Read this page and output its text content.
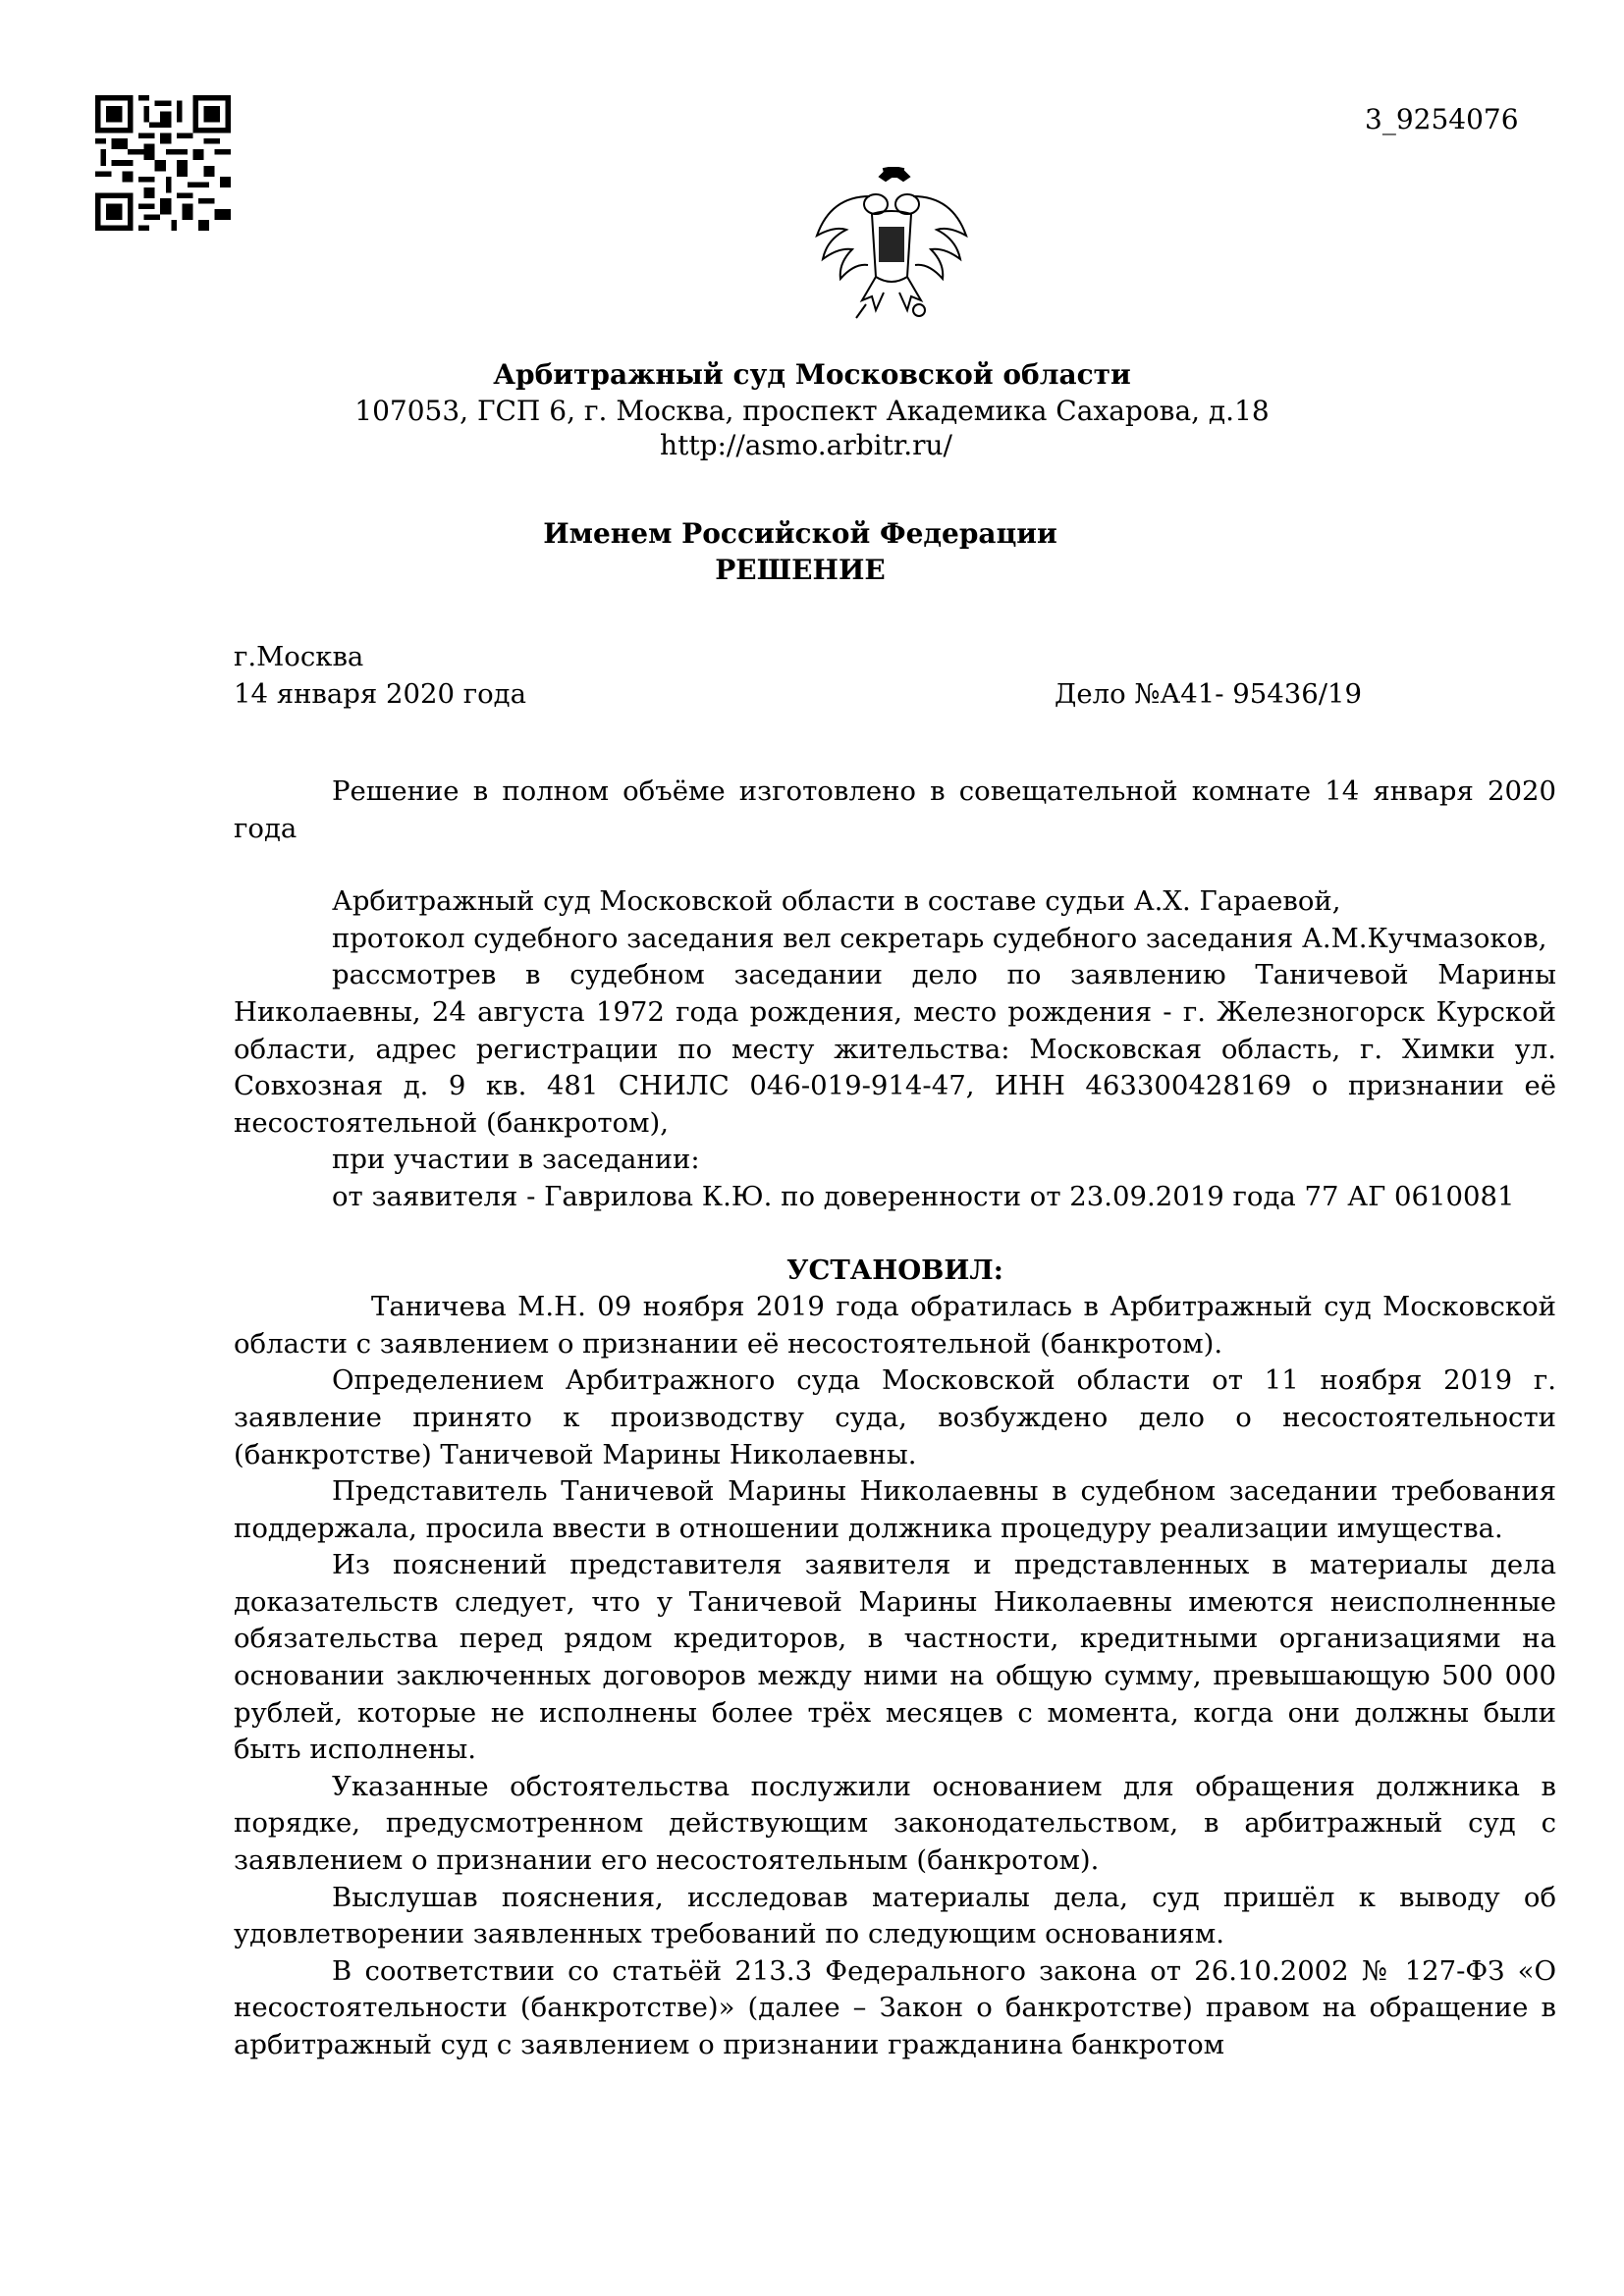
3_9254076
Арбитражный суд Московской области
107053, ГСП 6, г. Москва, проспект Академика Сахарова, д.18
http://asmo.arbitr.ru/
Именем Российской Федерации
РЕШЕНИЕ
г.Москва
14 января 2020 года	Дело №А41- 95436/19

Решение в полном объёме изготовлено в совещательной комнате 14 января 2020 года

Арбитражный суд Московской области в составе судьи А.Х. Гараевой,

протокол судебного заседания вел секретарь судебного заседания А.М.Кучмазоков,

рассмотрев в судебном заседании дело по заявлению Таничевой Марины Николаевны, 24 августа 1972 года рождения, место рождения - г. Железногорск Курской области, адрес регистрации по месту жительства: Московская область, г. Химки ул. Совхозная д. 9 кв. 481 СНИЛС 046-019-914-47, ИНН 463300428169 о признании её несостоятельной (банкротом),

при участии в заседании:

от заявителя - Гаврилова К.Ю. по доверенности от 23.09.2019 года 77 АГ 0610081

УСТАНОВИЛ:

Таничева М.Н. 09 ноября 2019 года обратилась в Арбитражный суд Московской области с заявлением о признании её несостоятельной (банкротом).

Определением Арбитражного суда Московской области от 11 ноября 2019 г. заявление принято к производству суда, возбуждено дело о несостоятельности (банкротстве) Таничевой Марины Николаевны.

Представитель Таничевой Марины Николаевны в судебном заседании требования поддержала, просила ввести в отношении должника процедуру реализации имущества.

Из пояснений представителя заявителя и представленных в материалы дела доказательств следует, что у Таничевой Марины Николаевны имеются неисполненные обязательства перед рядом кредиторов, в частности, кредитными организациями на основании заключенных договоров между ними на общую сумму, превышающую 500 000 рублей, которые не исполнены более трёх месяцев с момента, когда они должны были быть исполнены.

Указанные обстоятельства послужили основанием для обращения должника в порядке, предусмотренном действующим законодательством, в арбитражный суд с заявлением о признании его несостоятельным (банкротом).

Выслушав пояснения, исследовав материалы дела, суд пришёл к выводу об удовлетворении заявленных требований по следующим основаниям.

В соответствии со статьёй 213.3 Федерального закона от 26.10.2002 № 127-ФЗ «О несостоятельности (банкротстве)» (далее – Закон о банкротстве) правом на обращение в арбитражный суд с заявлением о признании гражданина банкротом
